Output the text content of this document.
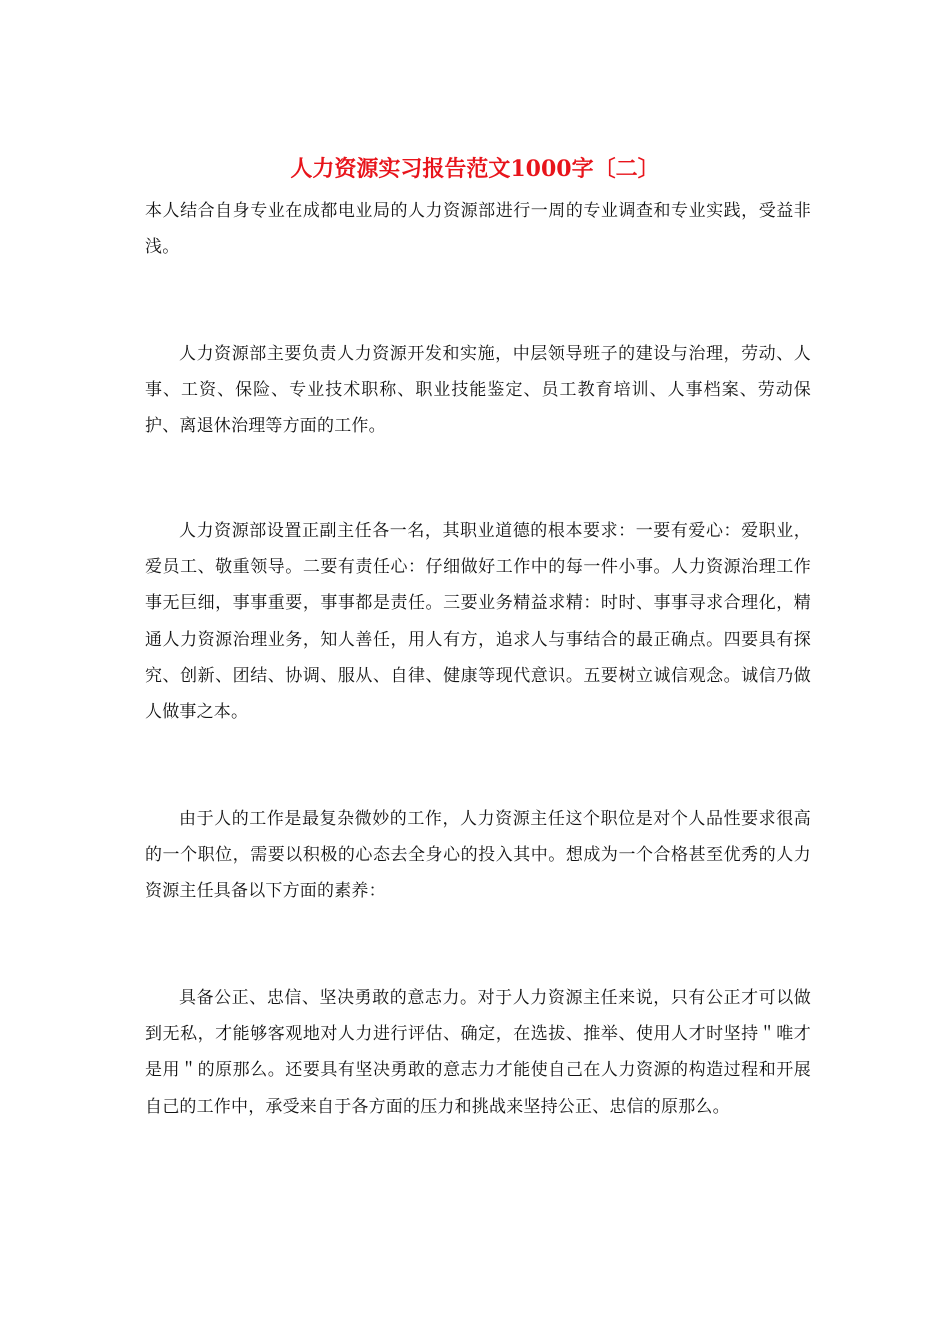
人力资源实习报告范文1000字〔二〕

本人结合自身专业在成都电业局的人力资源部进行一周的专业调查和专业实践，受益非浅。

人力资源部主要负责人力资源开发和实施，中层领导班子的建设与治理，劳动、人事、工资、保险、专业技术职称、职业技能鉴定、员工教育培训、人事档案、劳动保护、离退休治理等方面的工作。

人力资源部设置正副主任各一名，其职业道德的根本要求：一要有爱心：爱职业，爱员工、敬重领导。二要有责任心：仔细做好工作中的每一件小事。人力资源治理工作事无巨细，事事重要，事事都是责任。三要业务精益求精：时时、事事寻求合理化，精通人力资源治理业务，知人善任，用人有方，追求人与事结合的最正确点。四要具有探究、创新、团结、协调、服从、自律、健康等现代意识。五要树立诚信观念。诚信乃做人做事之本。

由于人的工作是最复杂微妙的工作，人力资源主任这个职位是对个人品性要求很高的一个职位，需要以积极的心态去全身心的投入其中。想成为一个合格甚至优秀的人力资源主任具备以下方面的素养：

具备公正、忠信、坚决勇敢的意志力。对于人力资源主任来说，只有公正才可以做到无私，才能够客观地对人力进行评估、确定，在选拔、推举、使用人才时坚持＂唯才是用＂的原那么。还要具有坚决勇敢的意志力才能使自己在人力资源的构造过程和开展自己的工作中，承受来自于各方面的压力和挑战来坚持公正、忠信的原那么。
